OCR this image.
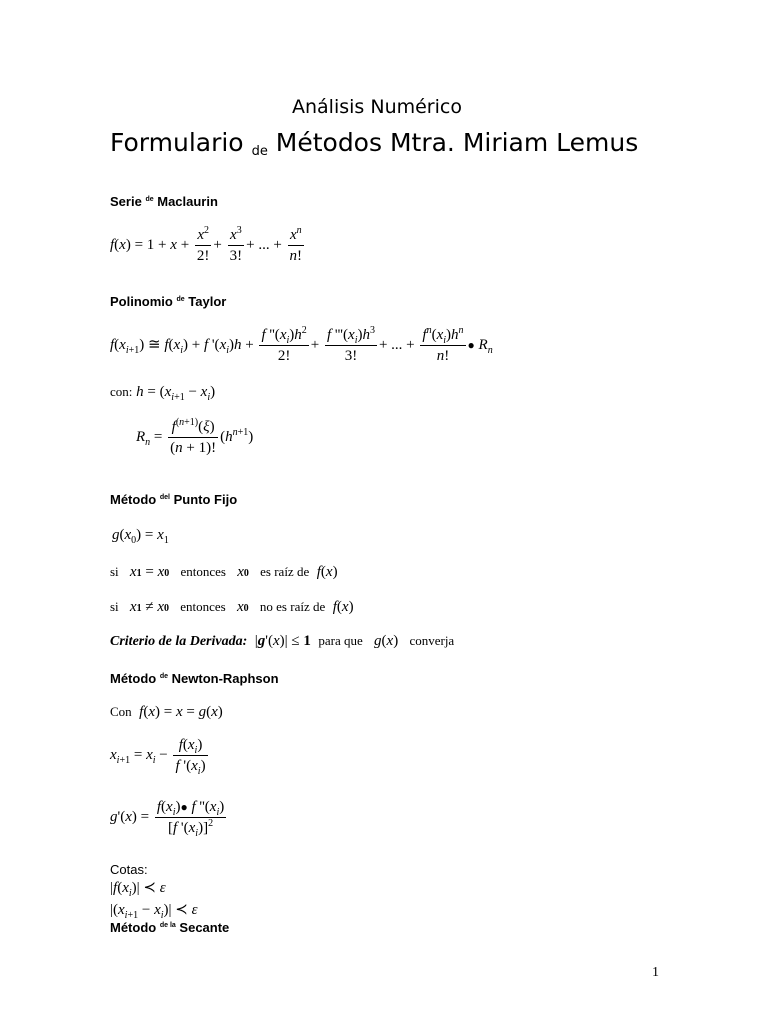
Análisis Numérico
Formulario de Métodos Mtra. Miriam Lemus
Serie $^{de}$ Maclaurin
$f(x) = 1 + x + \frac{x^2}{2!} + \frac{x^3}{3!}$ + ... + $\frac{x^n}{n!}$
Polinomio $^{de}$ Taylor
$f(x_{i+1})$ ≅ $f(x_i) + f$ '$(x_i)h + \frac{f ''(x_i)h^2}{2!} + \frac{f '''(x_i)h^3}{3!}$ + ... + $\frac{f^n(x_i)h^n}{n!}$ ● $R_n$
con: $h = (x_{i+1} - x_i)$
$R_n = \frac{f^{(n+1)}(\xi)}{(n + 1)!} (h^{n+1})$
Método $^{del}$ Punto Fijo
$g(x_0) = x_1$
si   x1 = x0 entonces   x0 es raíz de  f(x)
si   x1 ≠ x0 entonces   x0 no es raíz de  f(x)
Criterio de la Derivada: |g'(x)| ≤ 1 para que   g(x) converja
Método $^{de}$ Newton-Raphson
Con  f(x) = x = g(x)
$x_{i+1} = x_i - \frac{f(x_i)}{f '(x_i)}$
$g'(x) = \frac{f(x_i)● f ''(x_i)}{[f '(x_i)]^2}$
Cotas:
$|f(x_i)|$ ≺ ε
$|(x_{i+1} - x_i)|$ ≺ ε
Método $^{de la}$ Secante
1
